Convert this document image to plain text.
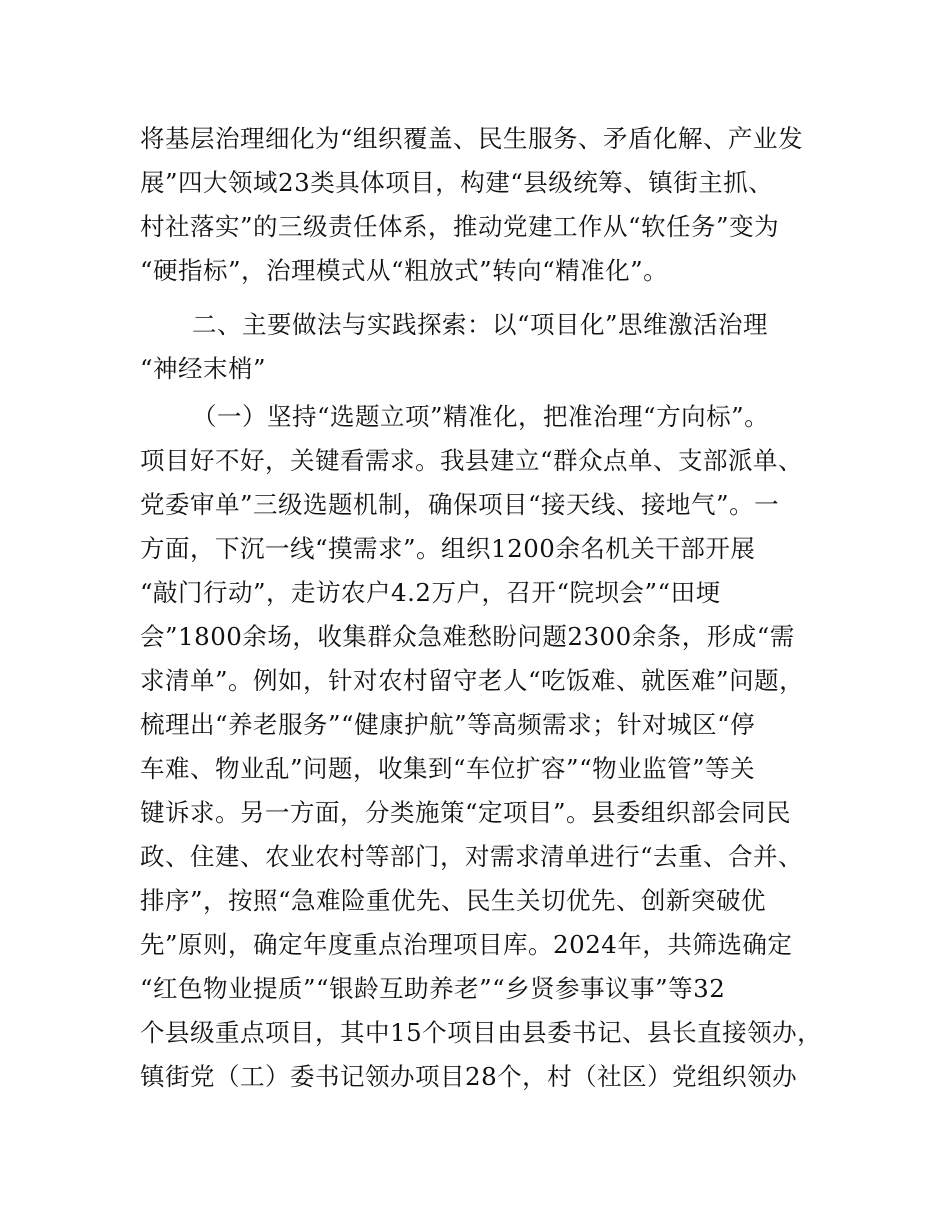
将基层治理细化为“组织覆盖、民生服务、矛盾化解、产业发
展”四大领域23类具体项目，构建“县级统筹、镇街主抓、
村社落实”的三级责任体系，推动党建工作从“软任务”变为
“硬指标”，治理模式从“粗放式”转向“精准化”。
二、主要做法与实践探索：以“项目化”思维激活治理
“神经末梢”
（一）坚持“选题立项”精准化，把准治理“方向标”。
项目好不好，关键看需求。我县建立“群众点单、支部派单、
党委审单”三级选题机制，确保项目“接天线、接地气”。一
方面，下沉一线“摸需求”。组织1200余名机关干部开展
“敲门行动”，走访农户4.2万户，召开“院坝会”“田埂
会”1800余场，收集群众急难愁盼问题2300余条，形成“需
求清单”。例如，针对农村留守老人“吃饭难、就医难”问题，
梳理出“养老服务”“健康护航”等高频需求；针对城区“停
车难、物业乱”问题，收集到“车位扩容”“物业监管”等关
键诉求。另一方面，分类施策“定项目”。县委组织部会同民
政、住建、农业农村等部门，对需求清单进行“去重、合并、
排序”，按照“急难险重优先、民生关切优先、创新突破优
先”原则，确定年度重点治理项目库。2024年，共筛选确定
“红色物业提质”“银龄互助养老”“乡贤参事议事”等32
个县级重点项目，其中15个项目由县委书记、县长直接领办，
镇街党（工）委书记领办项目28个，村（社区）党组织领办
